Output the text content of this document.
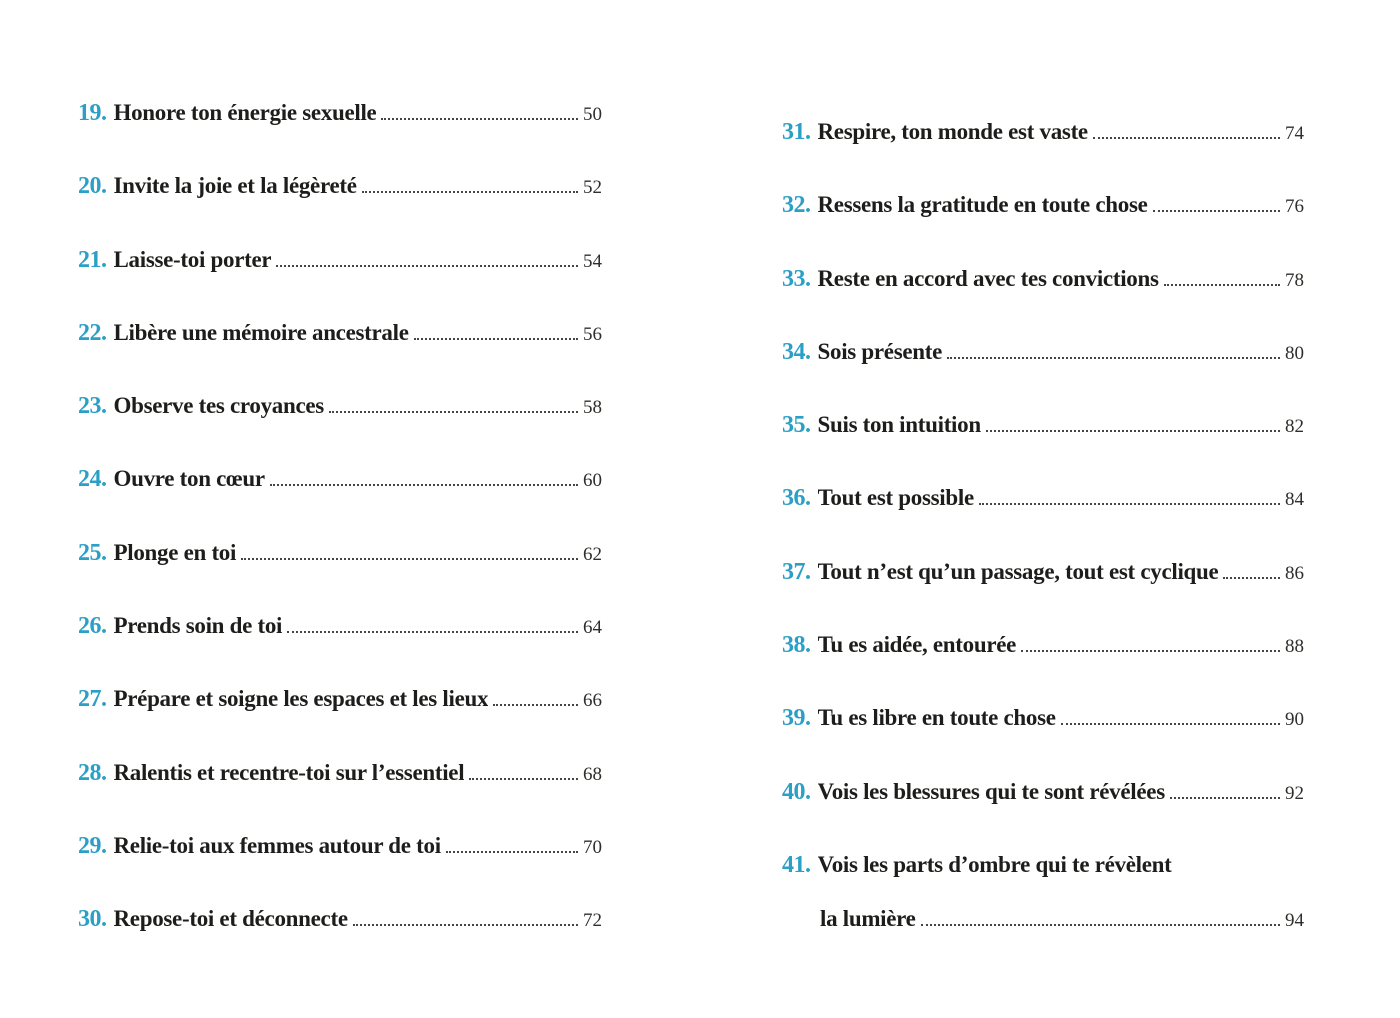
19. Honore ton énergie sexuelle	50
20. Invite la joie et la légèreté	52
21. Laisse-toi porter	54
22. Libère une mémoire ancestrale	56
23. Observe tes croyances	58
24. Ouvre ton cœur	60
25. Plonge en toi	62
26. Prends soin de toi	64
27. Prépare et soigne les espaces et les lieux	66
28. Ralentis et recentre-toi sur l’essentiel	68
29. Relie-toi aux femmes autour de toi	70
30. Repose-toi et déconnecte	72
31. Respire, ton monde est vaste	74
32. Ressens la gratitude en toute chose	76
33. Reste en accord avec tes convictions	78
34. Sois présente	80
35. Suis ton intuition	82
36. Tout est possible	84
37. Tout n’est qu’un passage, tout est cyclique	86
38. Tu es aidée, entourée	88
39. Tu es libre en toute chose	90
40. Vois les blessures qui te sont révélées	92
41. Vois les parts d’ombre qui te révèlent
la lumière	94
